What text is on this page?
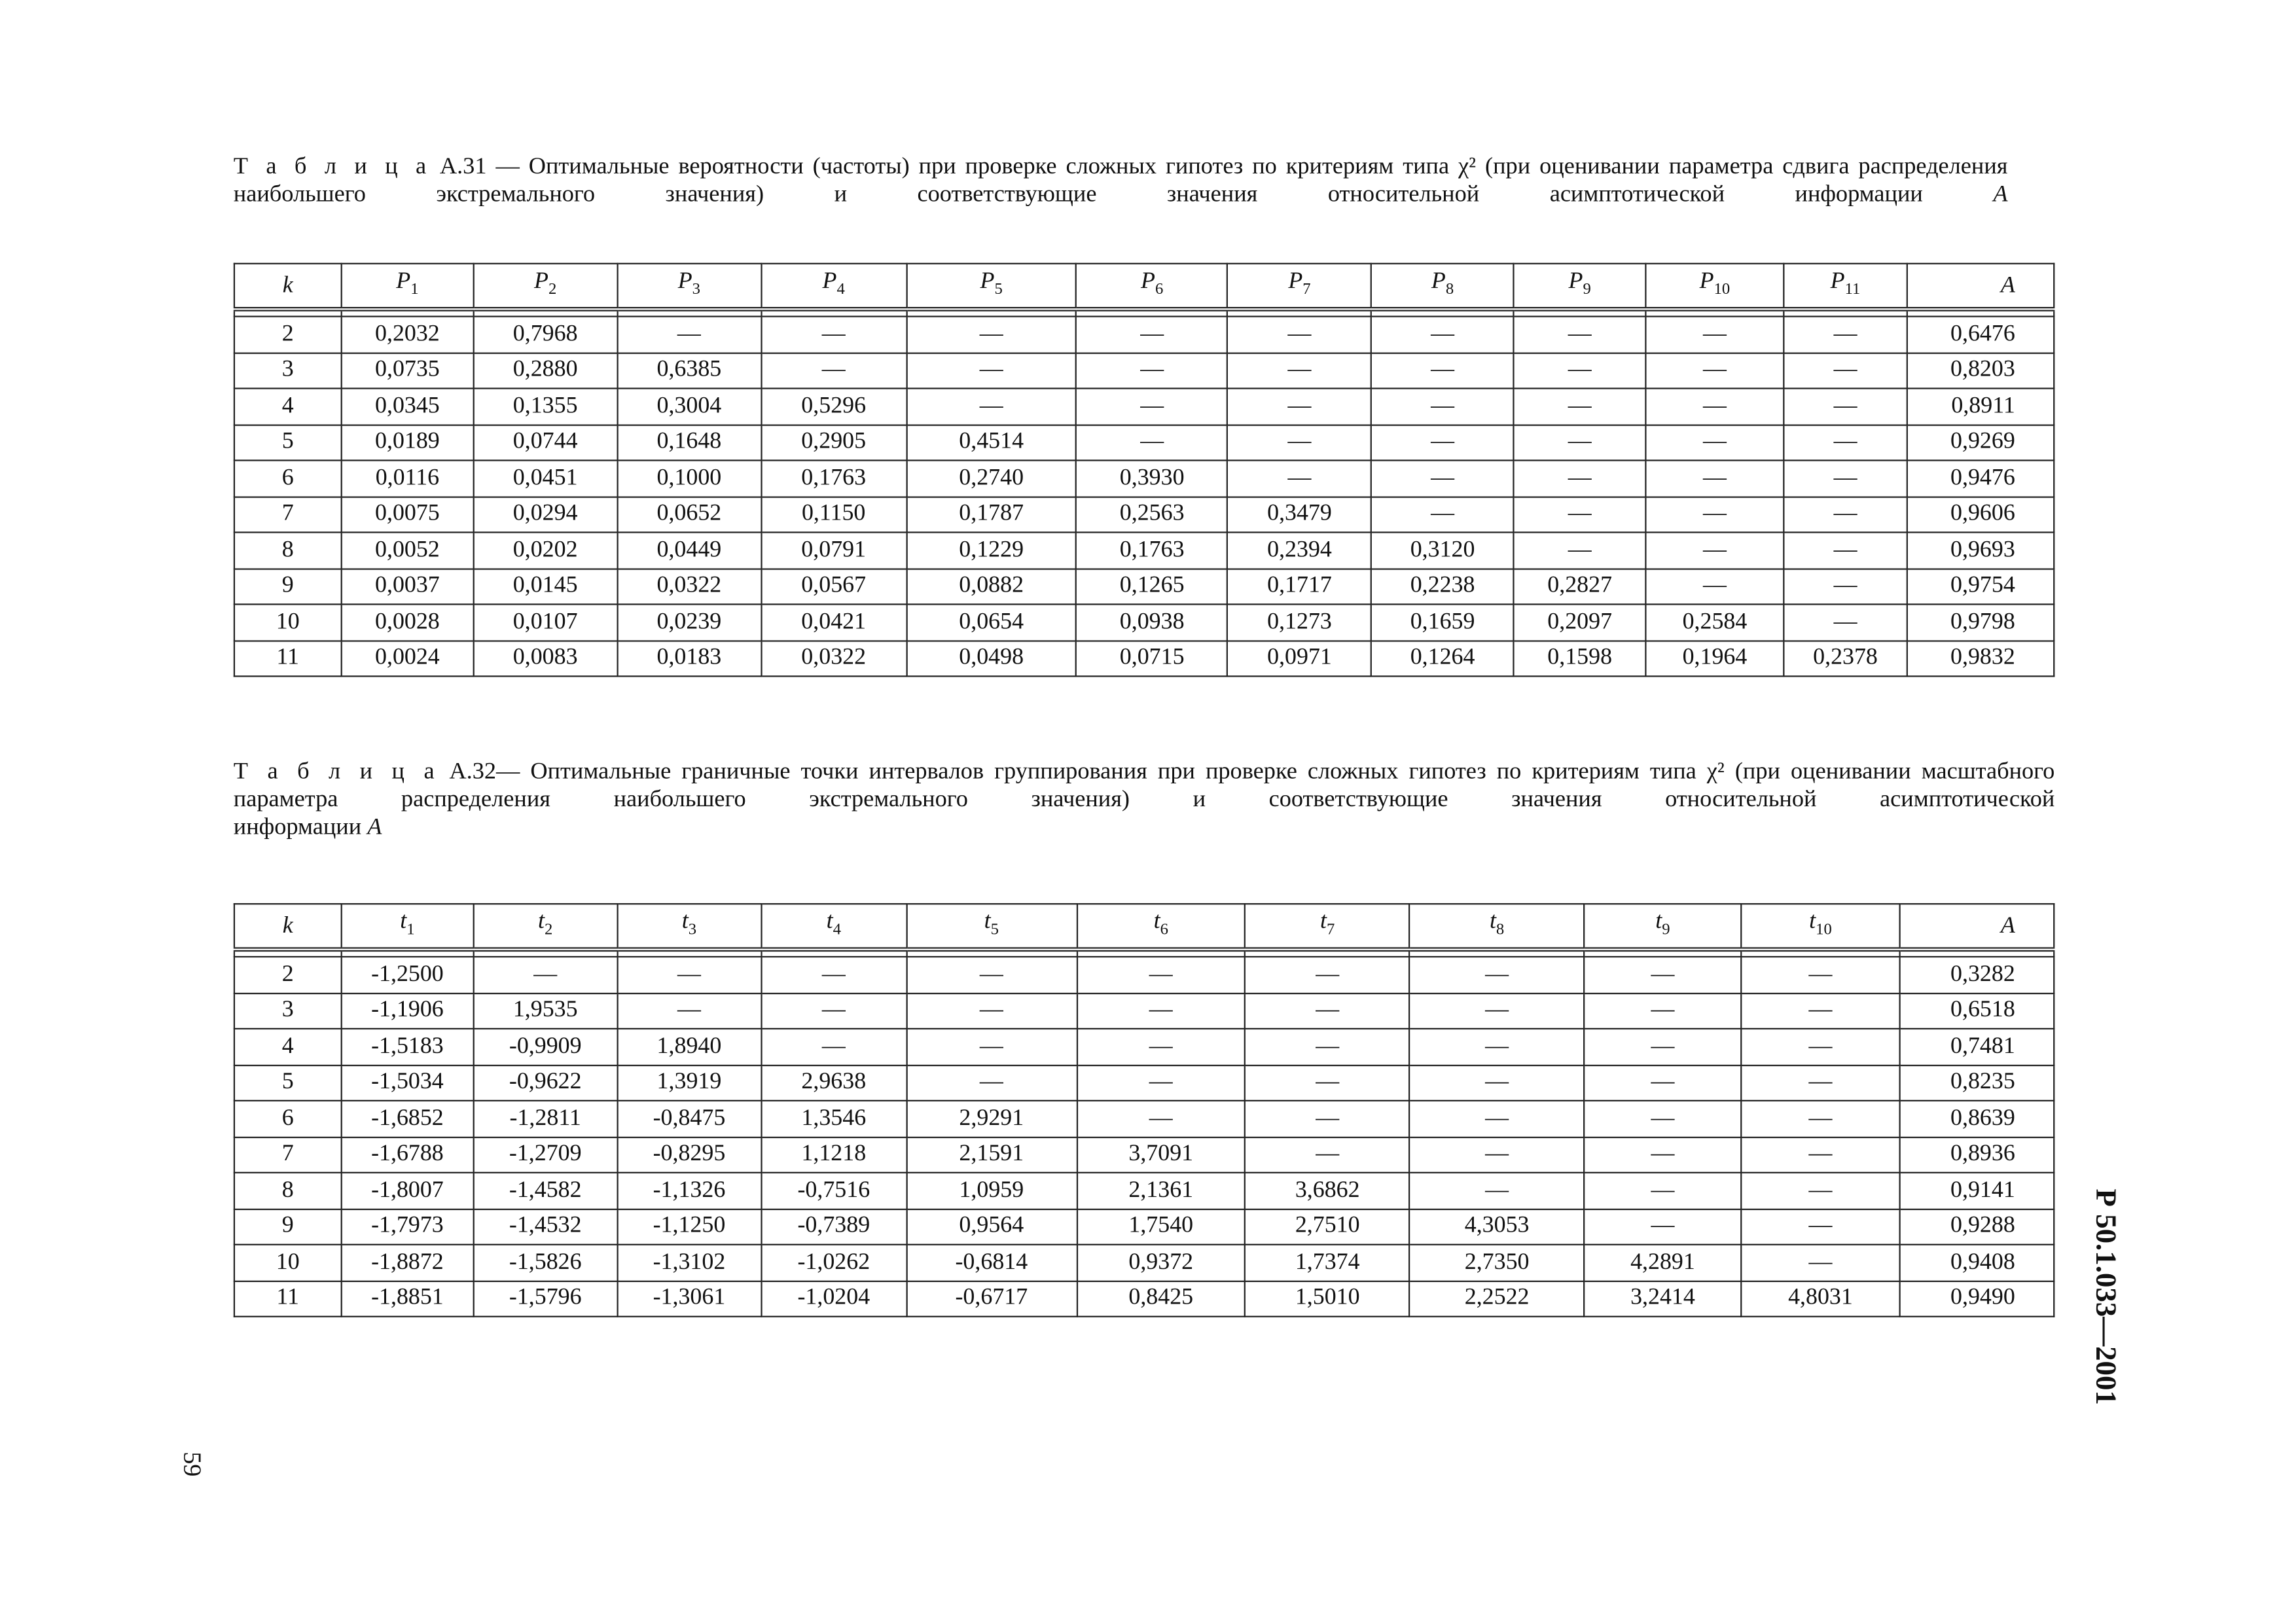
Т а б л и ц а А.31 — Оптимальные вероятности (частоты) при проверке сложных гипотез по критериям типа χ² (при оценивании параметра сдвига распределения наибольшего экстремального значения) и соответствующие значения относительной асимптотической информации	A
k	$P_1$	$P_2$	$P_3$	$P_4$	$P_5$	$P_6$	$P_7$	$P_8$	$P_9$	$P_{10}$	$P_{11}$	A

2	0,2032	0,7968	—	—	—	—	—	—	—	—	—	0,6476
3	0,0735	0,2880	0,6385	—	—	—	—	—	—	—	—	0,8203
4	0,0345	0,1355	0,3004	0,5296	—	—	—	—	—	—	—	0,8911
5	0,0189	0,0744	0,1648	0,2905	0,4514	—	—	—	—	—	—	0,9269
6	0,0116	0,0451	0,1000	0,1763	0,2740	0,3930	—	—	—	—	—	0,9476
7	0,0075	0,0294	0,0652	0,1150	0,1787	0,2563	0,3479	—	—	—	—	0,9606
8	0,0052	0,0202	0,0449	0,0791	0,1229	0,1763	0,2394	0,3120	—	—	—	0,9693
9	0,0037	0,0145	0,0322	0,0567	0,0882	0,1265	0,1717	0,2238	0,2827	—	—	0,9754
10	0,0028	0,0107	0,0239	0,0421	0,0654	0,0938	0,1273	0,1659	0,2097	0,2584	—	0,9798
11	0,0024	0,0083	0,0183	0,0322	0,0498	0,0715	0,0971	0,1264	0,1598	0,1964	0,2378	0,9832
Т а б л и ц а А.32— Оптимальные граничные точки интервалов группирования при проверке сложных гипотез по критериям типа χ² (при оценивании масштабного параметра распределения наибольшего экстремального значения) и соответствующие значения относительной асимптотической
информации A
k	$t_1$	$t_2$	$t_3$	$t_4$	$t_5$	$t_6$	$t_7$	$t_8$	$t_9$	$t_{10}$	A

2	-1,2500	—	—	—	—	—	—	—	—	—	0,3282
3	-1,1906	1,9535	—	—	—	—	—	—	—	—	0,6518
4	-1,5183	-0,9909	1,8940	—	—	—	—	—	—	—	0,7481
5	-1,5034	-0,9622	1,3919	2,9638	—	—	—	—	—	—	0,8235
6	-1,6852	-1,2811	-0,8475	1,3546	2,9291	—	—	—	—	—	0,8639
7	-1,6788	-1,2709	-0,8295	1,1218	2,1591	3,7091	—	—	—	—	0,8936
8	-1,8007	-1,4582	-1,1326	-0,7516	1,0959	2,1361	3,6862	—	—	—	0,9141
9	-1,7973	-1,4532	-1,1250	-0,7389	0,9564	1,7540	2,7510	4,3053	—	—	0,9288
10	-1,8872	-1,5826	-1,3102	-1,0262	-0,6814	0,9372	1,7374	2,7350	4,2891	—	0,9408
11	-1,8851	-1,5796	-1,3061	-1,0204	-0,6717	0,8425	1,5010	2,2522	3,2414	4,8031	0,9490
59
Р 50.1.033—2001
